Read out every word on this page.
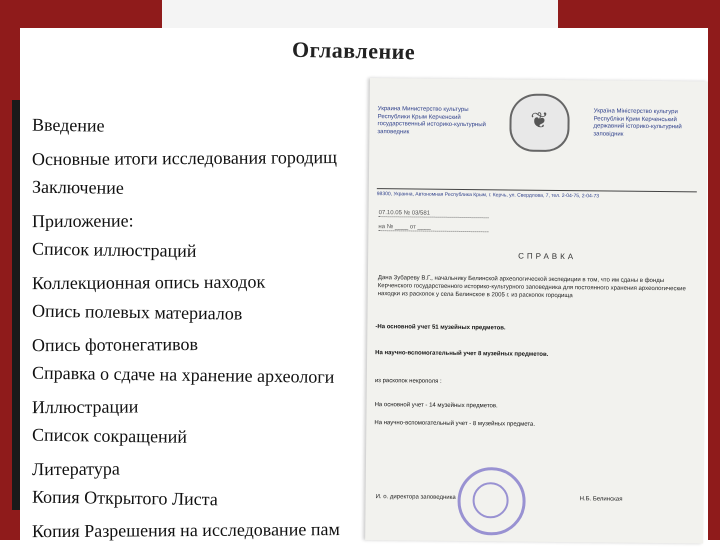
Оглавление
Введение
Основные итоги исследования городищ
Заключение
Приложение:
Список иллюстраций
Коллекционная опись находок
Опись полевых материалов
Опись фотонегативов
Справка о сдаче на хранение археологи
Иллюстрации
Список сокращений
Литература
Копия Открытого Листа
Копия Разрешения на исследование пам
Украина Министерство культуры Республики Крым Керченский государственный историко-культурный заповедник	❦	Україна Міністерство культури Республіки Крим Керченський державний історико-культурний заповідник
98300, Украина, Автономная Республика Крым, г. Керчь, ул. Свердлова, 7, тел. 2-04-75, 2-04-73
07.10.05 № 03/581
на № ____ от ____
СПРАВКА
Дана Зубареву В.Г., начальнику Белинской археологической экспедиции в том, что им сданы в фонды Керченского государственного историко-культурного заповедника для постоянного хранения археологические находки из раскопок у села Белинское в 2005 г. из раскопок городища
-На основной учет 51 музейных предметов.
На научно-вспомогательный учет 8 музейных предметов.
из раскопок некрополя :
На основной учет - 14 музейных предметов.
На научно-вспомогательный учет - 8 музейных предмета.
И. о. директора заповедника	Н.Б. Белинская
